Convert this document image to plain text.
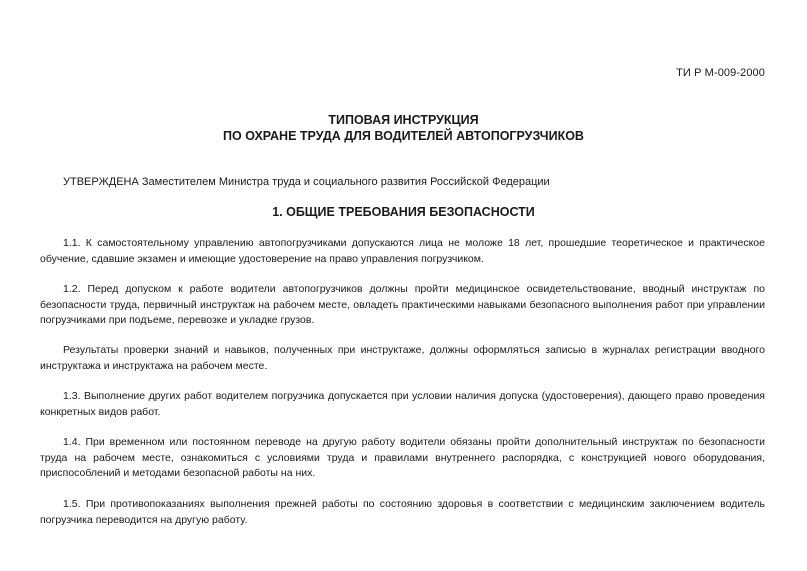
ТИ Р М-009-2000
ТИПОВАЯ ИНСТРУКЦИЯ
ПО ОХРАНЕ ТРУДА ДЛЯ ВОДИТЕЛЕЙ АВТОПОГРУЗЧИКОВ
УТВЕРЖДЕНА Заместителем Министра труда и социального развития Российской Федерации
1. ОБЩИЕ ТРЕБОВАНИЯ БЕЗОПАСНОСТИ
1.1. К самостоятельному управлению автопогрузчиками допускаются лица не моложе 18 лет, прошедшие теоретическое и практическое обучение, сдавшие экзамен и имеющие удостоверение на право управления погрузчиком.
1.2. Перед допуском к работе водители автопогрузчиков должны пройти медицинское освидетельствование, вводный инструктаж по безопасности труда, первичный инструктаж на рабочем месте, овладеть практическими навыками безопасного выполнения работ при управлении погрузчиками при подъеме, перевозке и укладке грузов.
Результаты проверки знаний и навыков, полученных при инструктаже, должны оформляться записью в журналах регистрации вводного инструктажа и инструктажа на рабочем месте.
1.3. Выполнение других работ водителем погрузчика допускается при условии наличия допуска (удостоверения), дающего право проведения конкретных видов работ.
1.4. При временном или постоянном переводе на другую работу водители обязаны пройти дополнительный инструктаж по безопасности труда на рабочем месте, ознакомиться с условиями труда и правилами внутреннего распорядка, с конструкцией нового оборудования, приспособлений и методами безопасной работы на них.
1.5. При противопоказаниях выполнения прежней работы по состоянию здоровья в соответствии с медицинским заключением водитель погрузчика переводится на другую работу.
